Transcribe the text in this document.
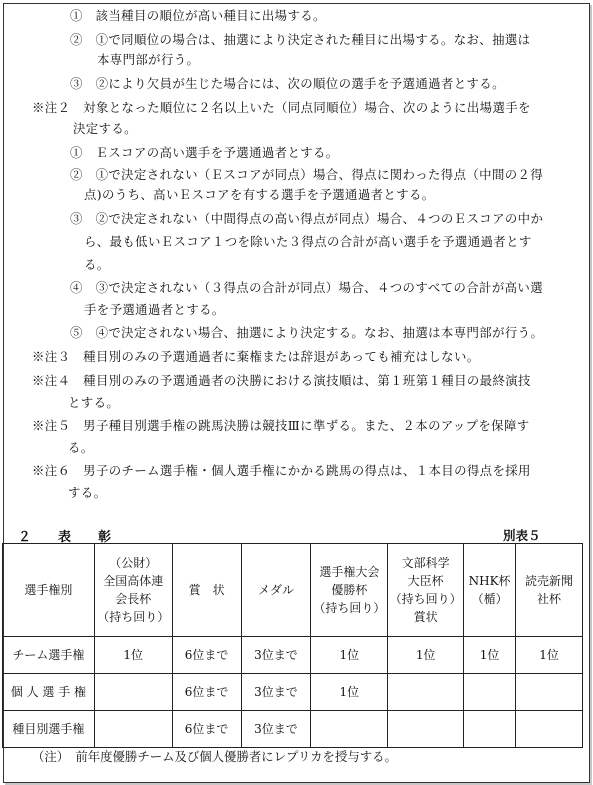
①　該当種目の順位が高い種目に出場する。
②　①で同順位の場合は、抽選により決定された種目に出場する。なお、抽選は
本専門部が行う。
③　②により欠員が生じた場合には、次の順位の選手を予選通過者とする。
※注２　対象となった順位に２名以上いた（同点同順位）場合、次のように出場選手を
決定する。
①　Ｅスコアの高い選手を予選通過者とする。
②　①で決定されない（Ｅスコアが同点）場合、得点に関わった得点（中間の２得
点)のうち、高いＥスコアを有する選手を予選通過者とする。
③　②で決定されない（中間得点の高い得点が同点）場合、４つのＥスコアの中か
ら、最も低いＥスコア１つを除いた３得点の合計が高い選手を予選通過者とす
る。
④　③で決定されない（３得点の合計が同点）場合、４つのすべての合計が高い選
手を予選通過者とする。
⑤　④で決定されない場合、抽選により決定する。なお、抽選は本専門部が行う。
※注３　種目別のみの予選通過者に棄権または辞退があっても補充はしない。
※注４　種目別のみの予選通過者の決勝における演技順は、第１班第１種目の最終演技
とする。
※注５　男子種目別選手権の跳馬決勝は競技Ⅲに準ずる。また、２本のアップを保障す
る。
※注６　男子のチーム選手権・個人選手権にかかる跳馬の得点は、１本目の得点を採用
する。
２　表　彰	別表５
選手権別	（公財）
全国高体連
会長杯
（持ち回り）	賞　状	メダル	選手権大会
優勝杯
（持ち回り）	文部科学
大臣杯
（持ち回り）
賞状	NHK杯
（楯）	読売新聞
社杯
チーム選手権	1位	6位まで	3位まで	1位	1位	1位	1位
個 人 選 手 権		6位まで	3位まで	1位			
種目別選手権		6位まで	3位まで				
（注）　前年度優勝チーム及び個人優勝者にレプリカを授与する。
